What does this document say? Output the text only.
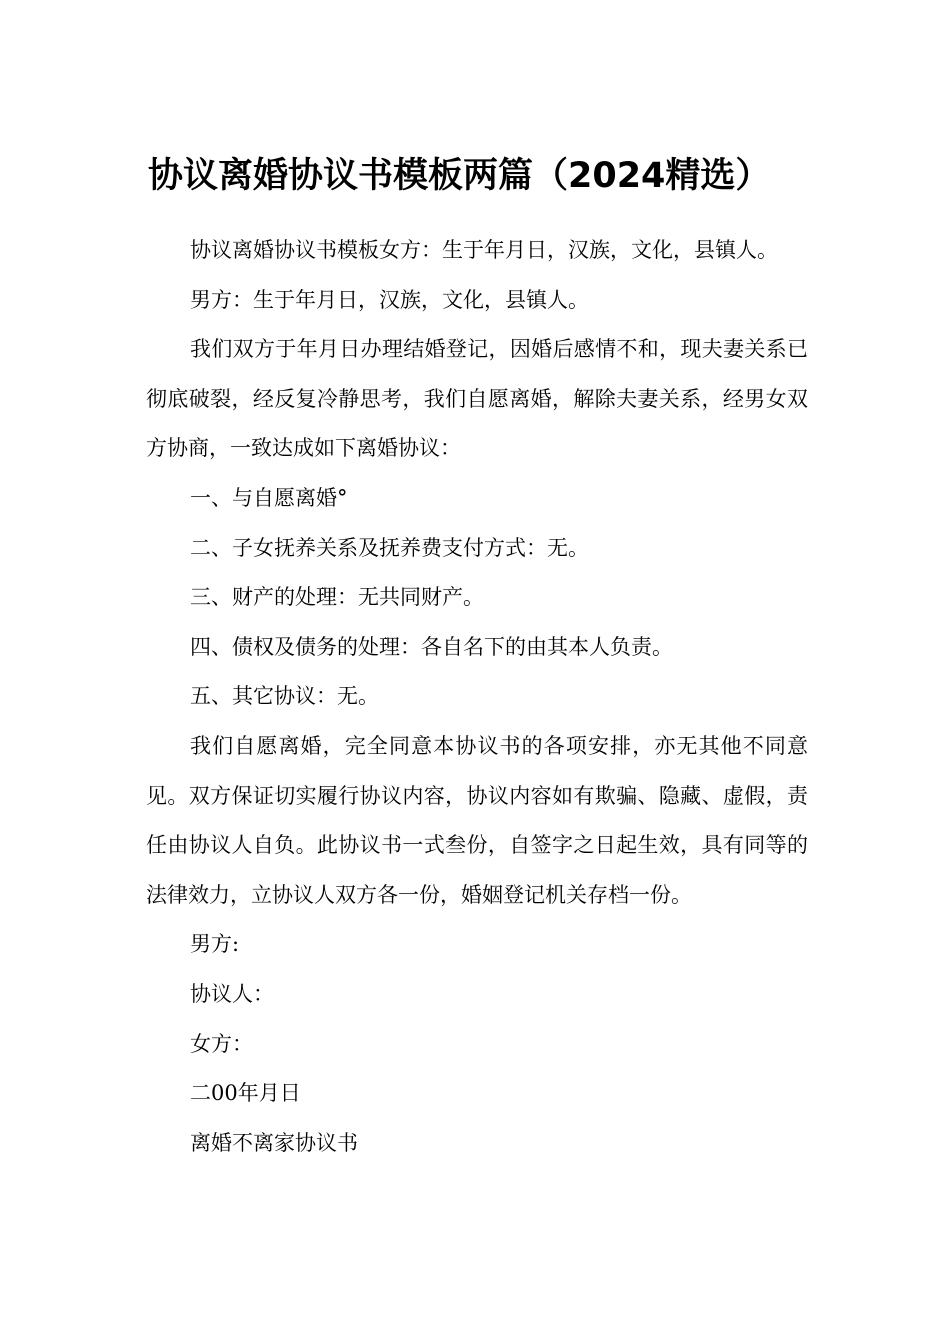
协议离婚协议书模板两篇（2024精选）

协议离婚协议书模板女方：生于年月日，汉族，文化，县镇人。

男方：生于年月日，汉族，文化，县镇人。

我们双方于年月日办理结婚登记，因婚后感情不和，现夫妻关系已彻底破裂，经反复冷静思考，我们自愿离婚，解除夫妻关系，经男女双方协商，一致达成如下离婚协议：

一、与自愿离婚°

二、子女抚养关系及抚养费支付方式：无。

三、财产的处理：无共同财产。

四、债权及债务的处理：各自名下的由其本人负责。

五、其它协议：无。

我们自愿离婚，完全同意本协议书的各项安排，亦无其他不同意见。双方保证切实履行协议内容，协议内容如有欺骗、隐藏、虚假，责任由协议人自负。此协议书一式叁份，自签字之日起生效，具有同等的法律效力，立协议人双方各一份，婚姻登记机关存档一份。

男方:

协议人：

女方：

二00年月日

离婚不离家协议书
